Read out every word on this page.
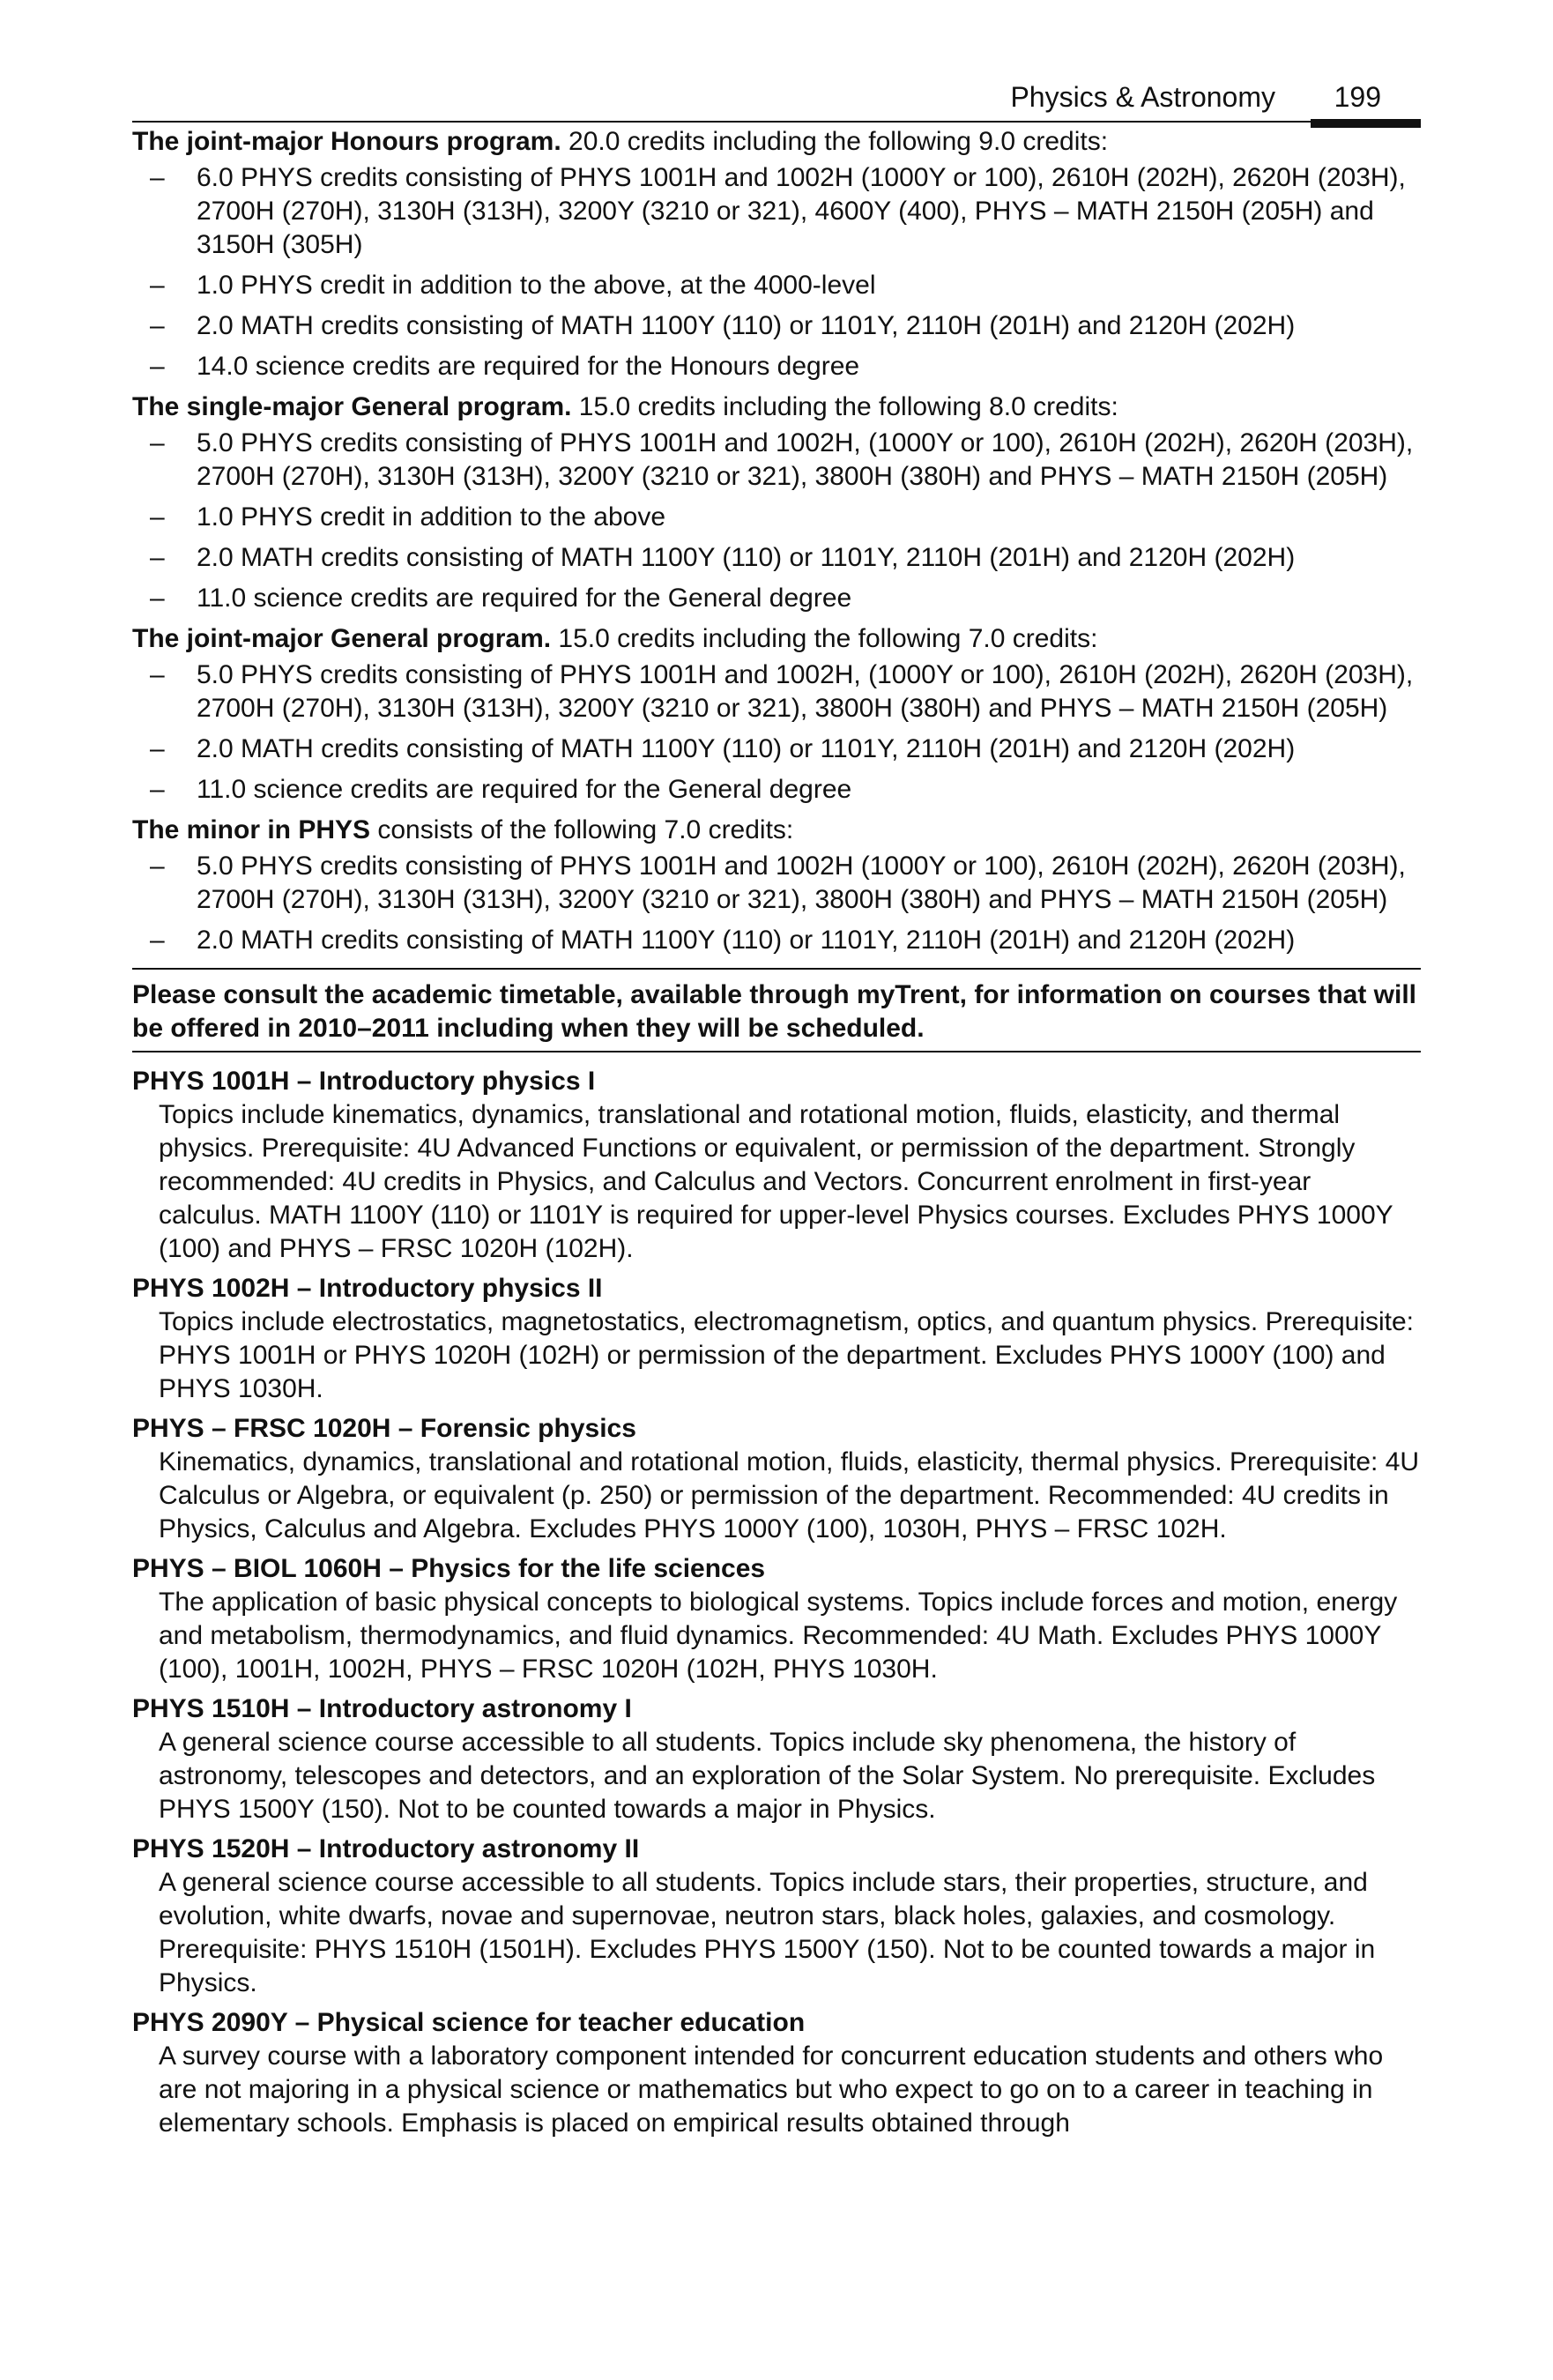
Physics & Astronomy 199
The joint-major Honours program. 20.0 credits including the following 9.0 credits:
– 6.0 PHYS credits consisting of PHYS 1001H and 1002H (1000Y or 100), 2610H (202H), 2620H (203H), 2700H (270H), 3130H (313H), 3200Y (3210 or 321), 4600Y (400), PHYS – MATH 2150H (205H) and 3150H (305H)
– 1.0 PHYS credit in addition to the above, at the 4000-level
– 2.0 MATH credits consisting of MATH 1100Y (110) or 1101Y, 2110H (201H) and 2120H (202H)
– 14.0 science credits are required for the Honours degree
The single-major General program. 15.0 credits including the following 8.0 credits:
– 5.0 PHYS credits consisting of PHYS 1001H and 1002H, (1000Y or 100), 2610H (202H), 2620H (203H), 2700H (270H), 3130H (313H), 3200Y (3210 or 321), 3800H (380H) and PHYS – MATH 2150H (205H)
– 1.0 PHYS credit in addition to the above
– 2.0 MATH credits consisting of MATH 1100Y (110) or 1101Y, 2110H (201H) and 2120H (202H)
– 11.0 science credits are required for the General degree
The joint-major General program. 15.0 credits including the following 7.0 credits:
– 5.0 PHYS credits consisting of PHYS 1001H and 1002H, (1000Y or 100), 2610H (202H), 2620H (203H), 2700H (270H), 3130H (313H), 3200Y (3210 or 321), 3800H (380H) and PHYS – MATH 2150H (205H)
– 2.0 MATH credits consisting of MATH 1100Y (110) or 1101Y, 2110H (201H) and 2120H (202H)
– 11.0 science credits are required for the General degree
The minor in PHYS consists of the following 7.0 credits:
– 5.0 PHYS credits consisting of PHYS 1001H and 1002H (1000Y or 100), 2610H (202H), 2620H (203H), 2700H (270H), 3130H (313H), 3200Y (3210 or 321), 3800H (380H) and PHYS – MATH 2150H (205H)
– 2.0 MATH credits consisting of MATH 1100Y (110) or 1101Y, 2110H (201H) and 2120H (202H)
Please consult the academic timetable, available through myTrent, for information on courses that will be offered in 2010–2011 including when they will be scheduled.
PHYS 1001H – Introductory physics I
Topics include kinematics, dynamics, translational and rotational motion, fluids, elasticity, and thermal physics. Prerequisite: 4U Advanced Functions or equivalent, or permission of the department. Strongly recommended: 4U credits in Physics, and Calculus and Vectors. Concurrent enrolment in first-year calculus. MATH 1100Y (110) or 1101Y is required for upper-level Physics courses. Excludes PHYS 1000Y (100) and PHYS – FRSC 1020H (102H).
PHYS 1002H – Introductory physics II
Topics include electrostatics, magnetostatics, electromagnetism, optics, and quantum physics. Prerequisite: PHYS 1001H or PHYS 1020H (102H) or permission of the department. Excludes PHYS 1000Y (100) and PHYS 1030H.
PHYS – FRSC 1020H – Forensic physics
Kinematics, dynamics, translational and rotational motion, fluids, elasticity, thermal physics. Prerequisite: 4U Calculus or Algebra, or equivalent (p. 250) or permission of the department. Recommended: 4U credits in Physics, Calculus and Algebra. Excludes PHYS 1000Y (100), 1030H, PHYS – FRSC 102H.
PHYS – BIOL 1060H – Physics for the life sciences
The application of basic physical concepts to biological systems. Topics include forces and motion, energy and metabolism, thermodynamics, and fluid dynamics. Recommended: 4U Math. Excludes PHYS 1000Y (100), 1001H, 1002H, PHYS – FRSC 1020H (102H, PHYS 1030H.
PHYS 1510H – Introductory astronomy I
A general science course accessible to all students. Topics include sky phenomena, the history of astronomy, telescopes and detectors, and an exploration of the Solar System. No prerequisite. Excludes PHYS 1500Y (150). Not to be counted towards a major in Physics.
PHYS 1520H – Introductory astronomy II
A general science course accessible to all students. Topics include stars, their properties, structure, and evolution, white dwarfs, novae and supernovae, neutron stars, black holes, galaxies, and cosmology. Prerequisite: PHYS 1510H (1501H). Excludes PHYS 1500Y (150). Not to be counted towards a major in Physics.
PHYS 2090Y – Physical science for teacher education
A survey course with a laboratory component intended for concurrent education students and others who are not majoring in a physical science or mathematics but who expect to go on to a career in teaching in elementary schools. Emphasis is placed on empirical results obtained through
